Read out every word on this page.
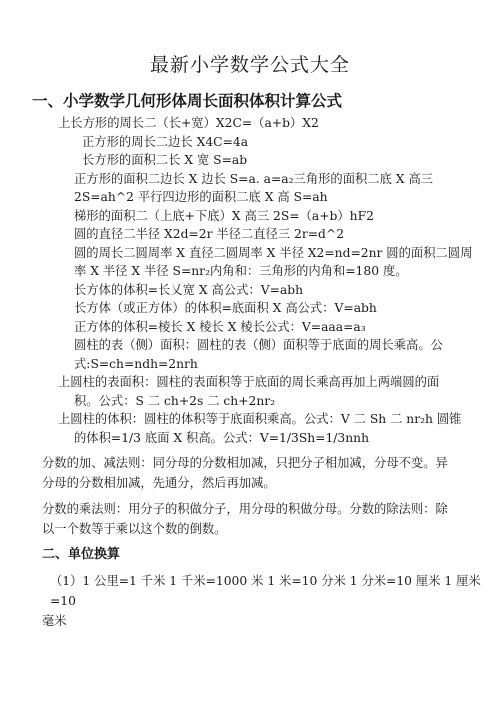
最新小学数学公式大全
一、小学数学几何形体周长面积体积计算公式
上长方形的周长二（长+宽）X2C=（a+b）X2
正方形的周长二边长 X4C=4a
长方形的面积二长 X 宽 S=ab
正方形的面积二边长 X 边长 S=a. a=a₂三角形的面积二底 X 高三
2S=ah^2 平行四边形的面积二底 X 高 S=ah
梯形的面积二（上底+下底）X 高三 2S=（a+b）hF2
圆的直径二半径 X2d=2r 半径二直径三 2r=d^2
圆的周长二圆周率 X 直径二圆周率 X 半径 X2=nd=2nr 圆的面积二圆周
率 X 半径 X 半径 S=nr₂内角和：三角形的内角和=180 度。
长方体的体积=长乂宽 X 高公式：V=abh
长方体（或正方体）的体积=底面积 X 高公式：V=abh
正方体的体积=棱长 X 棱长 X 棱长公式：V=aaa=a₃
圆柱的表（侧）面积：圆柱的表（侧）面积等于底面的周长乘高。公
式:S=ch=ndh=2nrh
上圆柱的表面积：圆柱的表面积等于底面的周长乘高再加上两端圆的面
积。公式：S 二 ch+2s 二 ch+2nr₂
上圆柱的体积：圆柱的体积等于底面积乘高。公式：V 二 Sh 二 nr₂h 圆锥
的体积=1/3 底面 X 积高。公式：V=1/3Sh=1/3nnh
分数的加、减法则：同分母的分数相加减，只把分子相加减，分母不变。异
分母的分数相加减，先通分，然后再加减。
分数的乘法则：用分子的积做分子，用分母的积做分母。分数的除法则：除
以一个数等于乘以这个数的倒数。
二、单位换算
（1）1 公里=1 千米 1 千米=1000 米 1 米=10 分米 1 分米=10 厘米 1 厘米=10
毫米
